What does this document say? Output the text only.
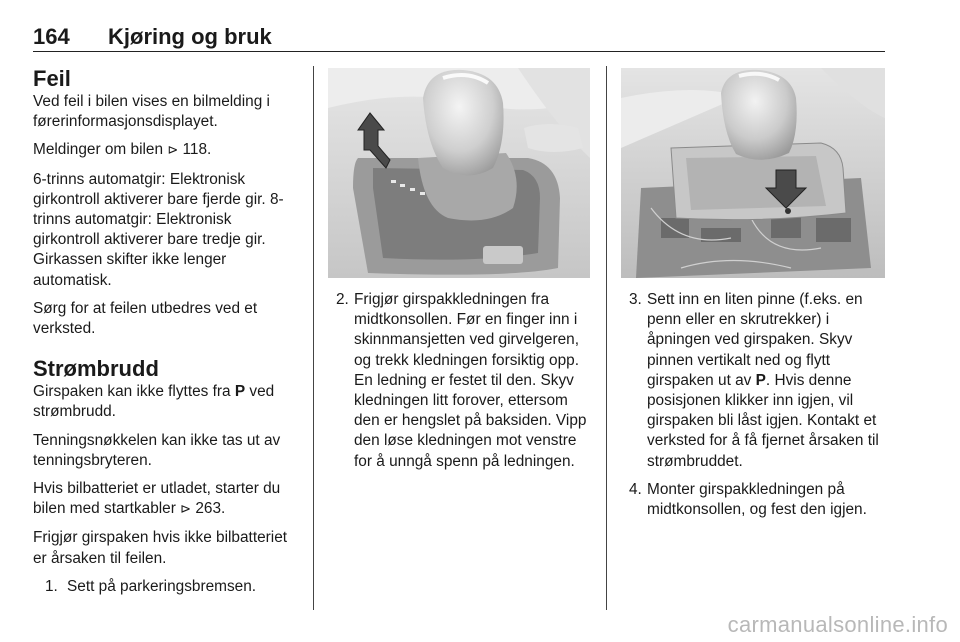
164 Kjøring og bruk
Feil

Ved feil i bilen vises en bilmelding i førerinformasjonsdisplayet.

Meldinger om bilen ⊳ 118.

6-trinns automatgir: Elektronisk girkontroll aktiverer bare fjerde gir. 8-trinns automatgir: Elektronisk girkontroll aktiverer bare tredje gir. Girkassen skifter ikke lenger automatisk.

Sørg for at feilen utbedres ved et verksted.

Strømbrudd

Girspaken kan ikke flyttes fra P ved strømbrudd.

Tenningsnøkkelen kan ikke tas ut av tenningsbryteren.

Hvis bilbatteriet er utladet, starter du bilen med startkabler ⊳ 263.

Frigjør girspaken hvis ikke bilbatteriet er årsaken til feilen.

1. Sett på parkeringsbremsen.
2. Frigjør girspakkledningen fra midtkonsollen. Før en finger inn i skinnmansjetten ved girvelgeren, og trekk kledningen forsiktig opp. En ledning er festet til den. Skyv kledningen litt forover, ettersom den er hengslet på baksiden. Vipp den løse kledningen mot venstre for å unngå spenn på ledningen.
3. Sett inn en liten pinne (f.eks. en penn eller en skrutrekker) i åpningen ved girspaken. Skyv pinnen vertikalt ned og flytt girspaken ut av P. Hvis denne posisjonen klikker inn igjen, vil girspaken bli låst igjen. Kontakt et verksted for å få fjernet årsaken til strømbruddet.
4. Monter girspakkledningen på midtkonsollen, og fest den igjen.
carmanualsonline.info
